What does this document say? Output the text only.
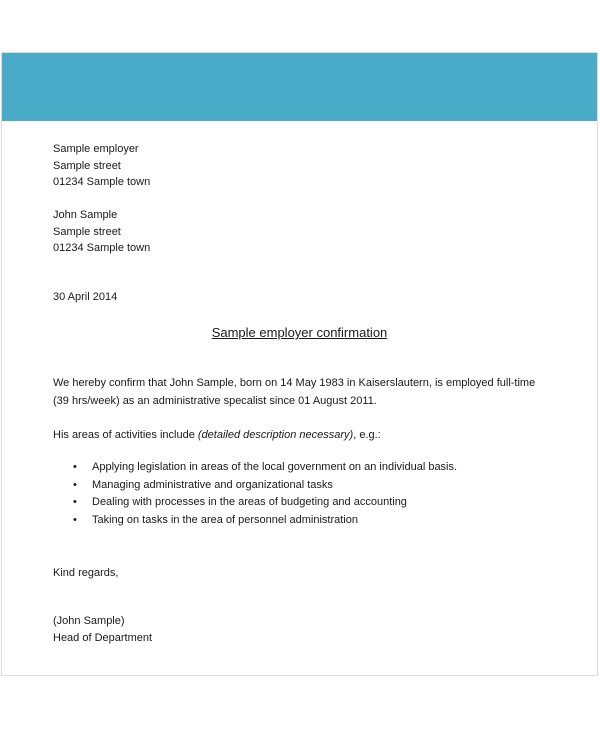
Sample employer
Sample street
01234 Sample town
John Sample
Sample street
01234 Sample town
30 April 2014
Sample employer confirmation
We hereby confirm that John Sample, born on 14 May 1983 in Kaiserslautern, is employed full-time
(39 hrs/week) as an administrative specalist since 01 August 2011.
His areas of activities include (detailed description necessary), e.g.:
• Applying legislation in areas of the local government on an individual basis.
• Managing administrative and organizational tasks
• Dealing with processes in the areas of budgeting and accounting
• Taking on tasks in the area of personnel administration
Kind regards,
(John Sample)
Head of Department
